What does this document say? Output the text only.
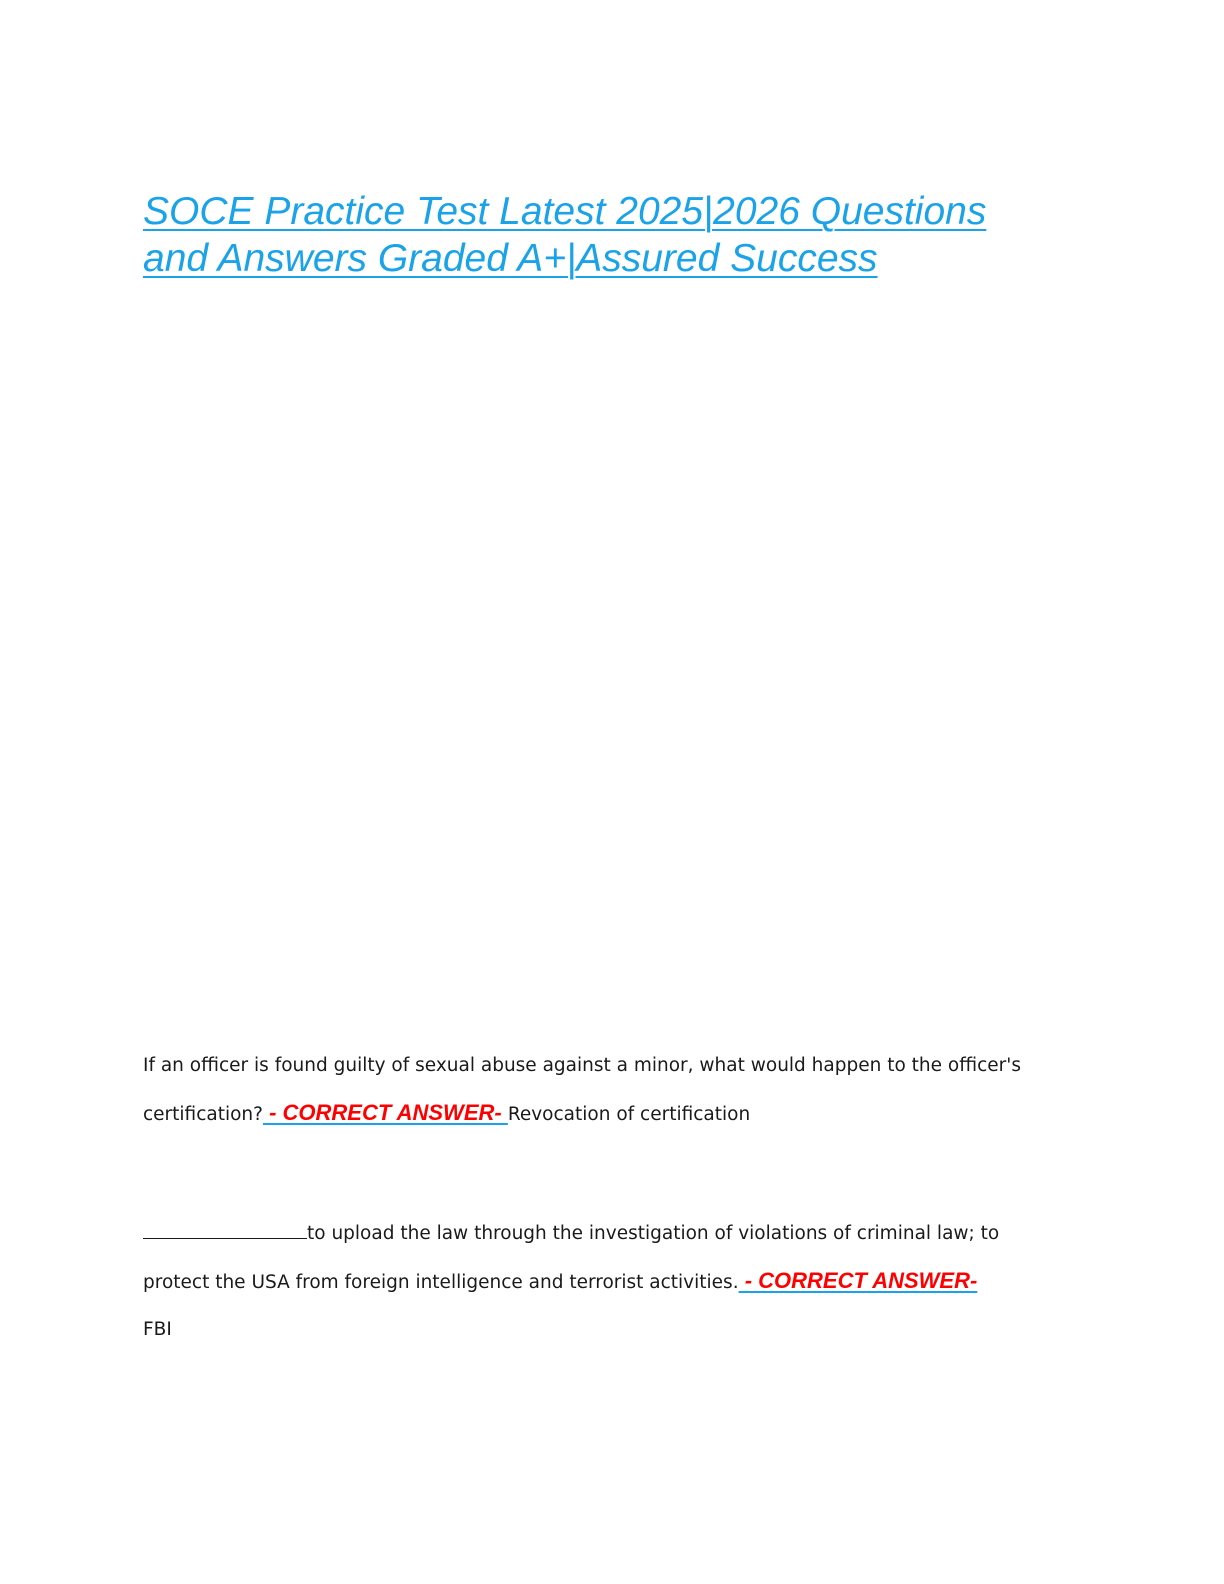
SOCE Practice Test Latest 2025|2026 Questions
and Answers Graded A+|Assured Success
If an officer is found guilty of sexual abuse against a minor, what would happen to the officer's
certification? - CORRECT ANSWER- Revocation of certification
to upload the law through the investigation of violations of criminal law; to
protect the USA from foreign intelligence and terrorist activities. - CORRECT ANSWER-
FBI
